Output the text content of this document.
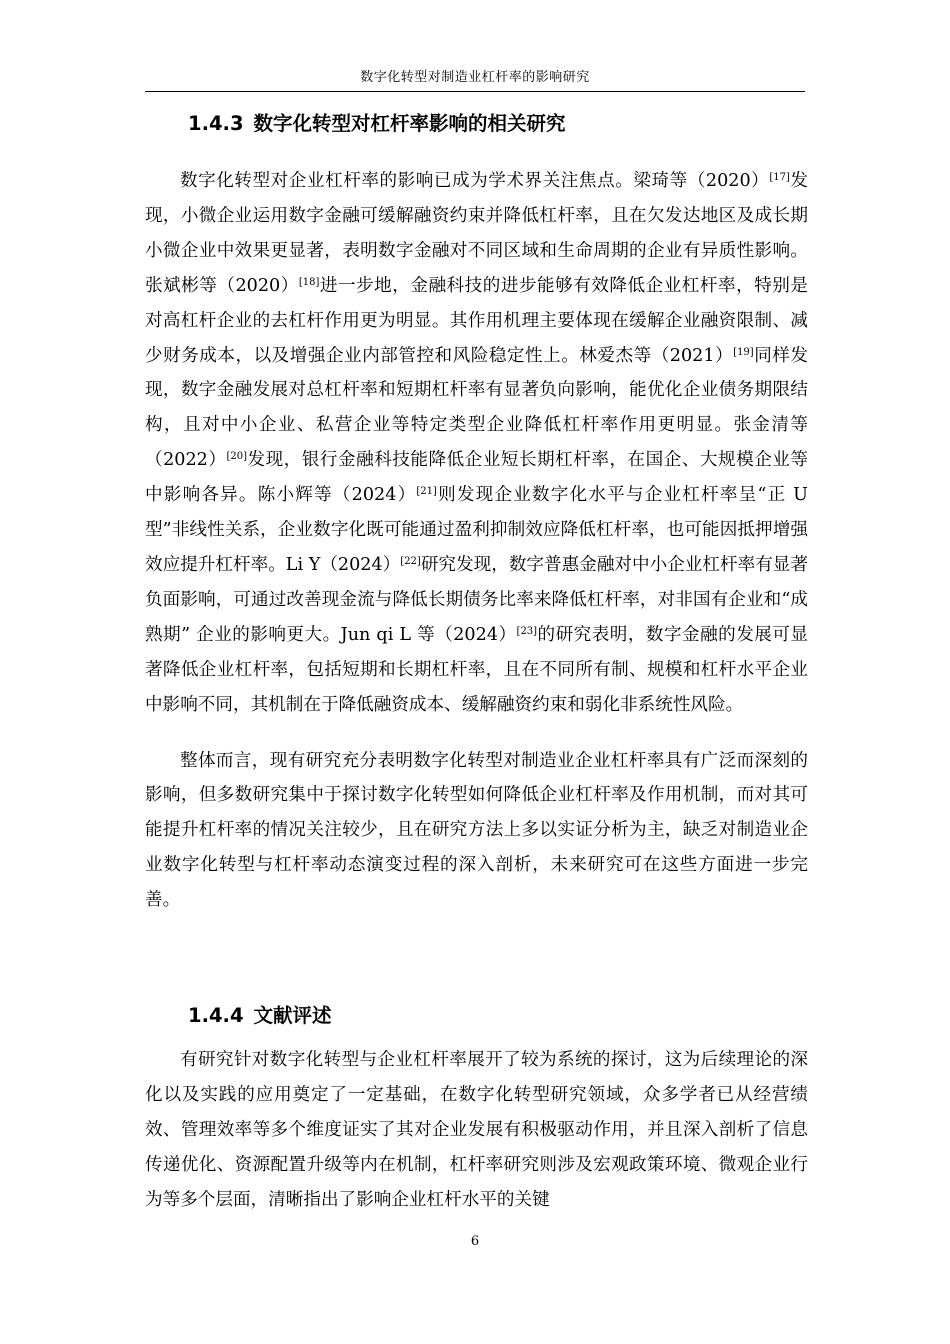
数字化转型对制造业杠杆率的影响研究
1.4.3 数字化转型对杠杆率影响的相关研究

数字化转型对企业杠杆率的影响已成为学术界关注焦点。梁琦等（2020）[17]发现，小微企业运用数字金融可缓解融资约束并降低杠杆率，且在欠发达地区及成长期小微企业中效果更显著，表明数字金融对不同区域和生命周期的企业有异质性影响。张斌彬等（2020）[18]进一步地，金融科技的进步能够有效降低企业杠杆率，特别是对高杠杆企业的去杠杆作用更为明显。其作用机理主要体现在缓解企业融资限制、减少财务成本，以及增强企业内部管控和风险稳定性上。林爱杰等（2021）[19]同样发现，数字金融发展对总杠杆率和短期杠杆率有显著负向影响，能优化企业债务期限结构，且对中小企业、私营企业等特定类型企业降低杠杆率作用更明显。张金清等（2022）[20]发现，银行金融科技能降低企业短长期杠杆率，在国企、大规模企业等中影响各异。陈小辉等（2024）[21]则发现企业数字化水平与企业杠杆率呈“正 U型”非线性关系，企业数字化既可能通过盈利抑制效应降低杠杆率，也可能因抵押增强效应提升杠杆率。Li Y（2024）[22]研究发现，数字普惠金融对中小企业杠杆率有显著负面影响，可通过改善现金流与降低长期债务比率来降低杠杆率，对非国有企业和“成熟期” 企业的影响更大。Jun qi L 等（2024）[23]的研究表明，数字金融的发展可显著降低企业杠杆率，包括短期和长期杠杆率，且在不同所有制、规模和杠杆水平企业中影响不同，其机制在于降低融资成本、缓解融资约束和弱化非系统性风险。

整体而言，现有研究充分表明数字化转型对制造业企业杠杆率具有广泛而深刻的影响，但多数研究集中于探讨数字化转型如何降低企业杠杆率及作用机制，而对其可能提升杠杆率的情况关注较少，且在研究方法上多以实证分析为主，缺乏对制造业企业数字化转型与杠杆率动态演变过程的深入剖析，未来研究可在这些方面进一步完善。

1.4.4 文献评述

有研究针对数字化转型与企业杠杆率展开了较为系统的探讨，这为后续理论的深化以及实践的应用奠定了一定基础，在数字化转型研究领域，众多学者已从经营绩效、管理效率等多个维度证实了其对企业发展有积极驱动作用，并且深入剖析了信息传递优化、资源配置升级等内在机制，杠杆率研究则涉及宏观政策环境、微观企业行为等多个层面，清晰指出了影响企业杠杆水平的关键

6
